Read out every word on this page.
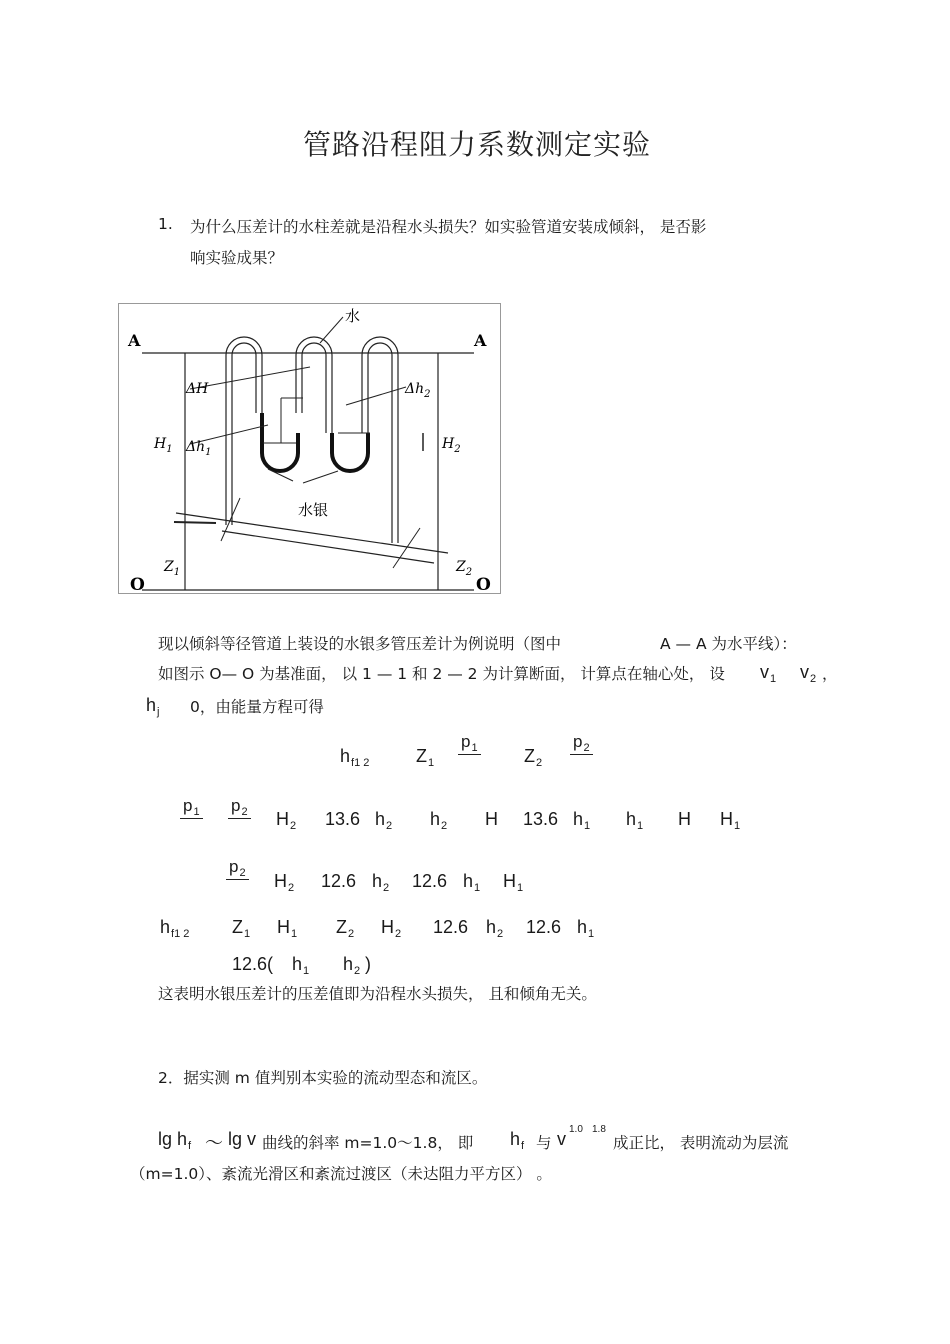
管路沿程阻力系数测定实验
1. 为什么压差计的水柱差就是沿程水头损失？如实验管道安装成倾斜， 是否影
响实验成果？
A	A
O	O
水
水银
ΔH
$\Delta h_1$
$H_1$
$\Delta h_2$
$H_2$
$Z_1$	$Z_2$
现以倾斜等径管道上装设的水银多管压差计为例说明（图中	A — A 为水平线）：
如图示 O— O 为基准面， 以 1 — 1 和 2 — 2 为计算断面， 计算点在轴心处， 设 $v_1$ $v_2$ ，
$h_j$ 0，由能量方程可得
$h_{f1 2}$	$Z_1$
$p_1$	$Z_2$
$p_2$
$p_1$ $p_2$ $H_2$ 13.6 $h_2$ $h_2$ H 13.6 $h_1$ $h_1$ H $H_1$
$p_2$ $H_2$ 12.6 $h_2$ 12.6 $h_1$ $H_1$
$h_{f1 2}$ $Z_1$ $H_1$ $Z_2$ $H_2$ 12.6 $h_2$ 12.6 $h_1$
12.6( $h_1$ $h_2$ )
这表明水银压差计的压差值即为沿程水头损失， 且和倾角无关。
2．据实测 m 值判别本实验的流动型态和流区。
$\lg h_f$ ～ lg v 曲线的斜率 m=1.0～1.8， 即 $h_f$ 与 v 1.0 1.8
成正比， 表明流动为层流
（m=1.0）、紊流光滑区和紊流过渡区（未达阻力平方区） 。
